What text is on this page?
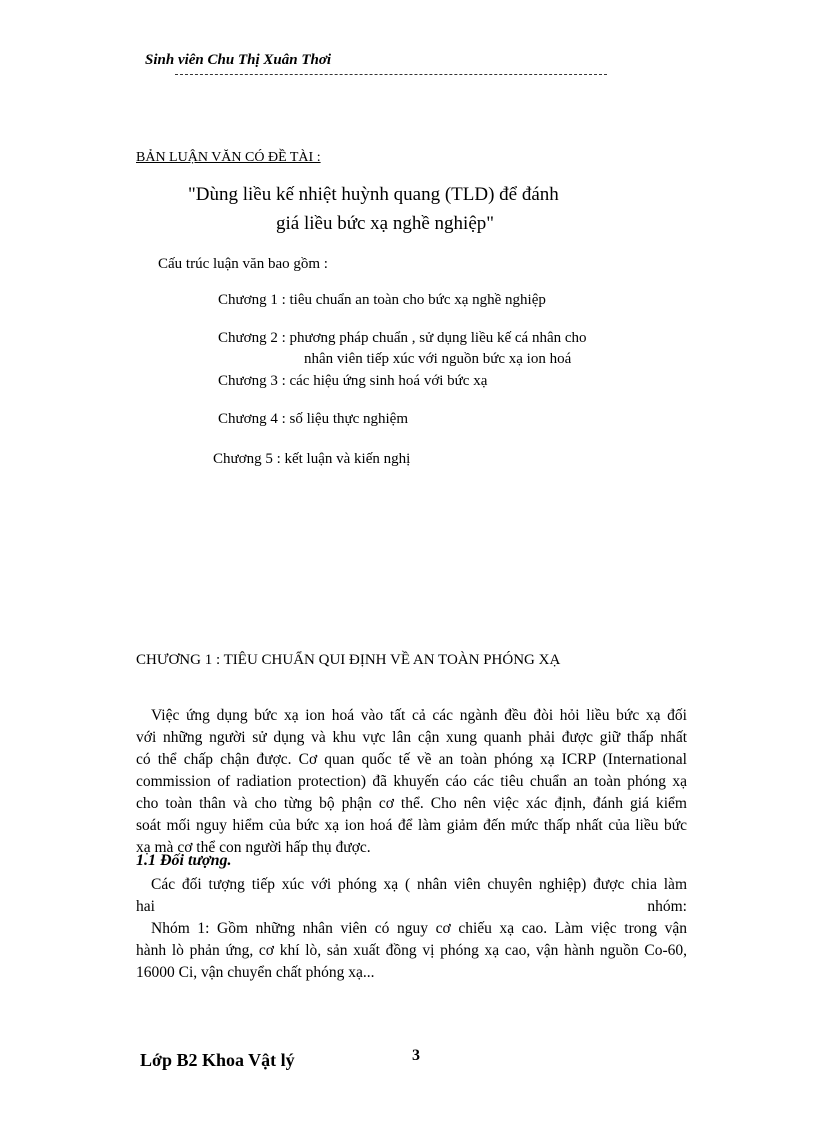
Sinh viên Chu Thị Xuân Thơi
BẢN LUẬN VĂN CÓ ĐỀ TÀI :
"Dùng liều kế nhiệt huỳnh quang (TLD) để đánh
giá liều bức xạ nghề nghiệp"
Cấu trúc luận văn bao gồm :
Chương 1 : tiêu chuẩn an toàn cho bức xạ nghề nghiệp
Chương 2 : phương pháp chuẩn , sử dụng liều kế cá nhân cho
nhân viên tiếp xúc với nguồn bức xạ ion hoá
Chương 3 : các hiệu ứng sinh hoá với bức xạ
Chương 4 : số liệu thực nghiệm
Chương 5 : kết luận và kiến nghị
CHƯƠNG 1 : TIÊU CHUẨN QUI ĐỊNH VỀ AN TOÀN PHÓNG XẠ
Việc ứng dụng bức xạ ion hoá vào tất cả các ngành đều đòi hỏi liều bức xạ đối
với những người sử dụng và khu vực lân cận xung quanh phải được giữ thấp nhất
có thể chấp chận được. Cơ quan quốc tế về an toàn phóng xạ ICRP (International
commission of radiation protection) đã khuyến cáo các tiêu chuẩn an toàn phóng xạ
cho toàn thân và cho từng bộ phận cơ thể. Cho nên việc xác định, đánh giá kiểm
soát mối nguy hiểm của bức xạ ion hoá để làm giảm đến mức thấp nhất của liều bức
xạ mà cơ thể con người hấp thụ được.
1.1 Đối tượng.
Các đối tượng tiếp xúc với phóng xạ ( nhân viên chuyên nghiệp) được chia làm
hai nhóm:
Nhóm 1: Gồm những nhân viên có nguy cơ chiếu xạ cao. Làm việc trong vận
hành lò phản ứng, cơ khí lò, sản xuất đồng vị phóng xạ cao, vận hành nguồn Co-60,
16000 Ci, vận chuyển chất phóng xạ...
Lớp B2 Khoa Vật lý	3
